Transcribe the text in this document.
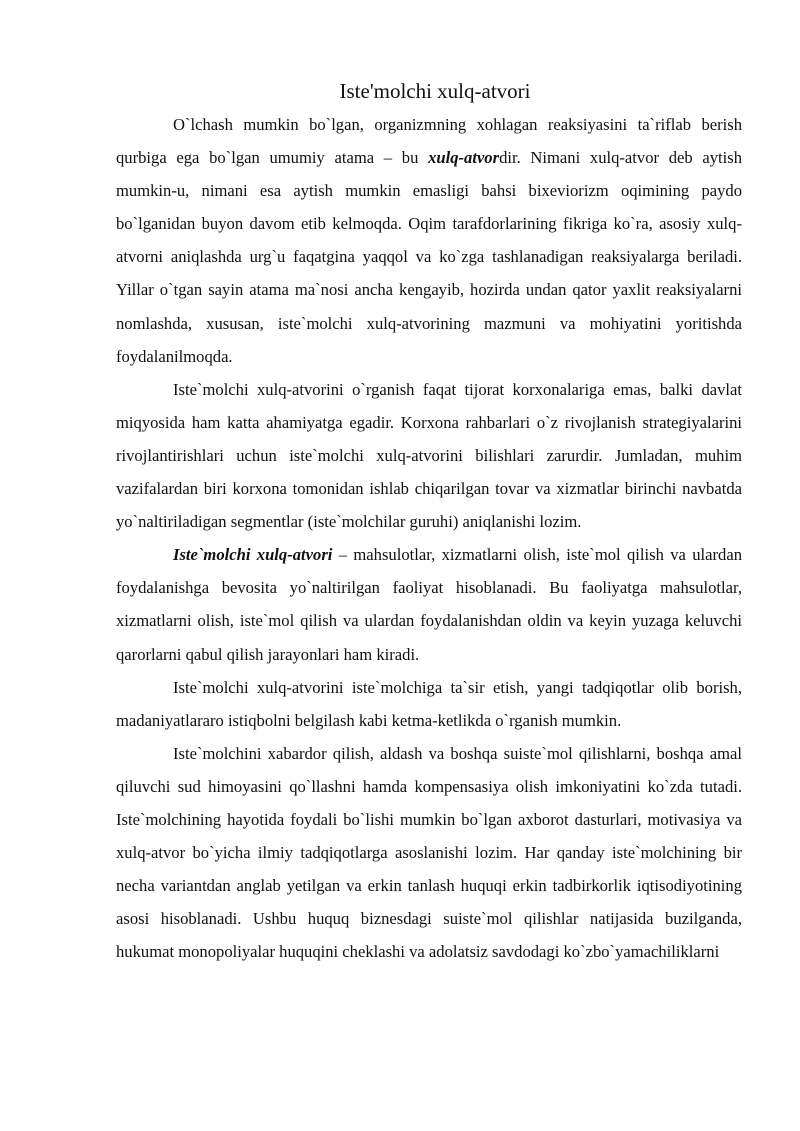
Iste'molchi xulq-atvori

O`lchash mumkin bo`lgan, organizmning xohlagan reaksiyasini ta`riflab berish qurbiga ega bo`lgan umumiy atama – bu xulq-atvordir. Nimani xulq-atvor deb aytish mumkin-u, nimani esa aytish mumkin emasligi bahsi bixeviorizm oqimining paydo bo`lganidan buyon davom etib kelmoqda. Oqim tarafdorlarining fikriga ko`ra, asosiy xulq-atvorni aniqlashda urg`u faqatgina yaqqol va ko`zga tashlanadigan reaksiyalarga beriladi. Yillar o`tgan sayin atama ma`nosi ancha kengayib, hozirda undan qator yaxlit reaksiyalarni nomlashda, xususan, iste`molchi xulq-atvorining mazmuni va mohiyatini yoritishda foydalanilmoqda.

Iste`molchi xulq-atvorini o`rganish faqat tijorat korxonalariga emas, balki davlat miqyosida ham katta ahamiyatga egadir. Korxona rahbarlari o`z rivojlanish strategiyalarini rivojlantirishlari uchun iste`molchi xulq-atvorini bilishlari zarurdir. Jumladan, muhim vazifalardan biri korxona tomonidan ishlab chiqarilgan tovar va xizmatlar birinchi navbatda yo`naltiriladigan segmentlar (iste`molchilar guruhi) aniqlanishi lozim.

Iste`molchi xulq-atvori – mahsulotlar, xizmatlarni olish, iste`mol qilish va ulardan foydalanishga bevosita yo`naltirilgan faoliyat hisoblanadi. Bu faoliyatga mahsulotlar, xizmatlarni olish, iste`mol qilish va ulardan foydalanishdan oldin va keyin yuzaga keluvchi qarorlarni qabul qilish jarayonlari ham kiradi.

Iste`molchi xulq-atvorini iste`molchiga ta`sir etish, yangi tadqiqotlar olib borish, madaniyatlararo istiqbolni belgilash kabi ketma-ketlikda o`rganish mumkin.

Iste`molchini xabardor qilish, aldash va boshqa suiste`mol qilishlarni, boshqa amal qiluvchi sud himoyasini qo`llashni hamda kompensasiya olish imkoniyatini ko`zda tutadi. Iste`molchining hayotida foydali bo`lishi mumkin bo`lgan axborot dasturlari, motivasiya va xulq-atvor bo`yicha ilmiy tadqiqotlarga asoslanishi lozim. Har qanday iste`molchining bir necha variantdan anglab yetilgan va erkin tanlash huquqi erkin tadbirkorlik iqtisodiyotining asosi hisoblanadi. Ushbu huquq biznesdagi suiste`mol qilishlar natijasida buzilganda, hukumat monopoliyalar huquqini cheklashi va adolatsiz savdodagi ko`zbo`yamachiliklarni
